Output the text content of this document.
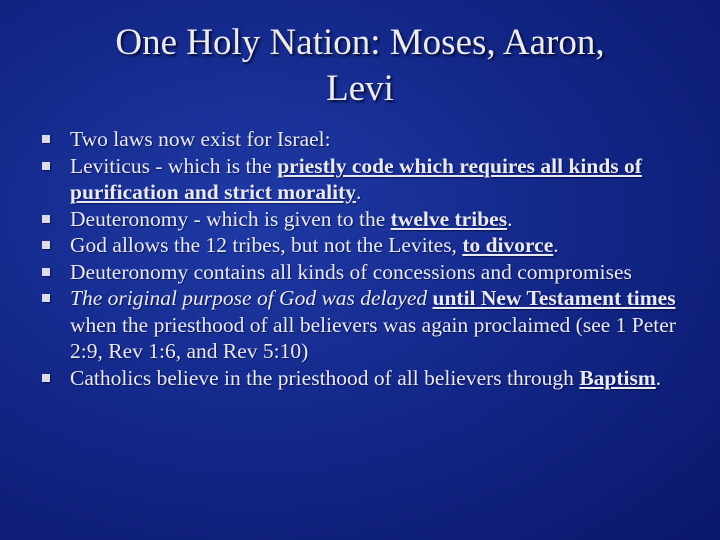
One Holy Nation: Moses, Aaron,
Levi
Two laws now exist for Israel:
Leviticus - which is the priestly code which requires all kinds of purification and strict morality.
Deuteronomy - which is given to the twelve tribes.
God allows the 12 tribes, but not the Levites, to divorce.
Deuteronomy contains all kinds of concessions and compromises
The original purpose of God was delayed until New Testament times when the priesthood of all believers was again proclaimed (see 1 Peter 2:9, Rev 1:6, and Rev 5:10)
Catholics believe in the priesthood of all believers through Baptism.
